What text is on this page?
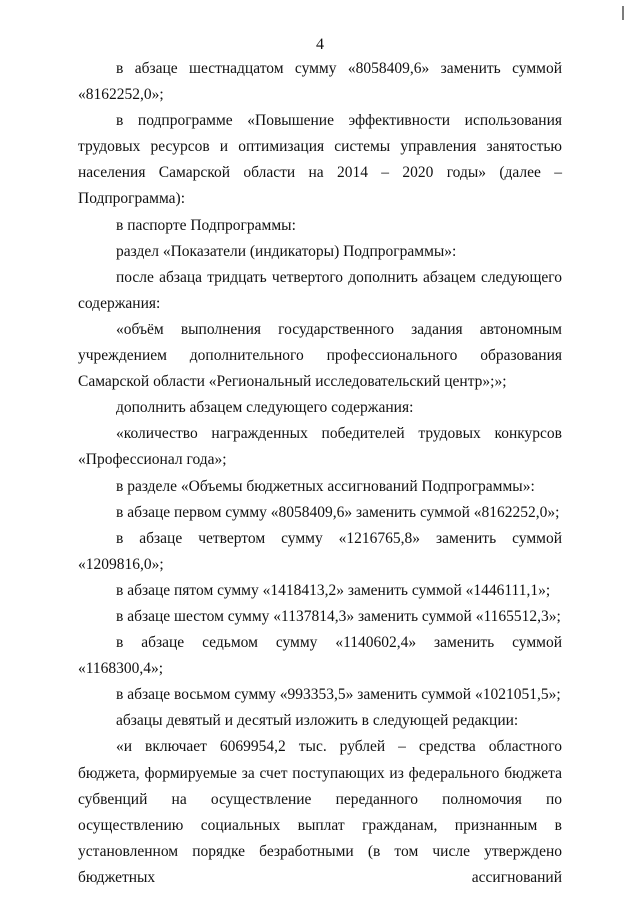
4

в абзаце шестнадцатом сумму «8058409,6» заменить суммой «8162252,0»;

в подпрограмме «Повышение эффективности использования трудовых ресурсов и оптимизация системы управления занятостью населения Самарской области на 2014 – 2020 годы» (далее – Подпрограмма):

в паспорте Подпрограммы:

раздел «Показатели (индикаторы) Подпрограммы»:

после абзаца тридцать четвертого дополнить абзацем следующего содержания:

«объём выполнения государственного задания автономным учреждением дополнительного профессионального образования Самарской области «Региональный исследовательский центр»;»;

дополнить абзацем следующего содержания:

«количество награжденных победителей трудовых конкурсов «Профессионал года»;

в разделе «Объемы бюджетных ассигнований Подпрограммы»:

в абзаце первом сумму «8058409,6» заменить суммой «8162252,0»;

в абзаце четвертом сумму «1216765,8» заменить суммой «1209816,0»;

в абзаце пятом сумму «1418413,2» заменить суммой «1446111,1»;

в абзаце шестом сумму «1137814,3» заменить суммой «1165512,3»;

в абзаце седьмом сумму «1140602,4» заменить суммой «1168300,4»;

в абзаце восьмом сумму «993353,5» заменить суммой «1021051,5»;

абзацы девятый и десятый изложить в следующей редакции:

«и включает 6069954,2 тыс. рублей – средства областного бюджета, формируемые за счет поступающих из федерального бюджета субвенций на осуществление переданного полномочия по осуществлению социальных выплат гражданам, признанным в установленном порядке безработными (в том числе утверждено бюджетных ассигнований
